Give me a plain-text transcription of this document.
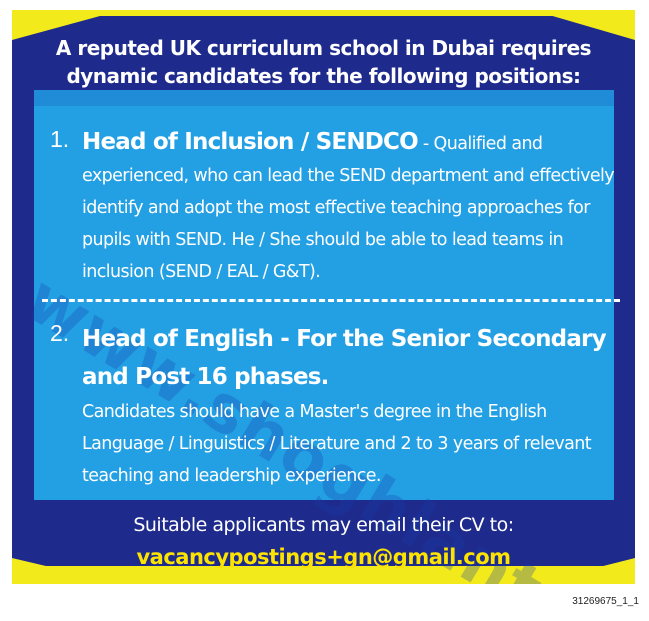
A reputed UK curriculum school in Dubai requires
dynamic candidates for the following positions:
1. Head of Inclusion / SENDCO - Qualified and experienced, who can lead the SEND department and effectively identify and adopt the most effective teaching approaches for pupils with SEND. He / She should be able to lead teams in inclusion (SEND / EAL / G&T).
2. Head of English - For the Senior Secondary and Post 16 phases.
Candidates should have a Master's degree in the English Language / Linguistics / Literature and 2 to 3 years of relevant teaching and leadership experience.
Suitable applicants may email their CV to:
vacancypostings+gn@gmail.com
31269675_1_1
